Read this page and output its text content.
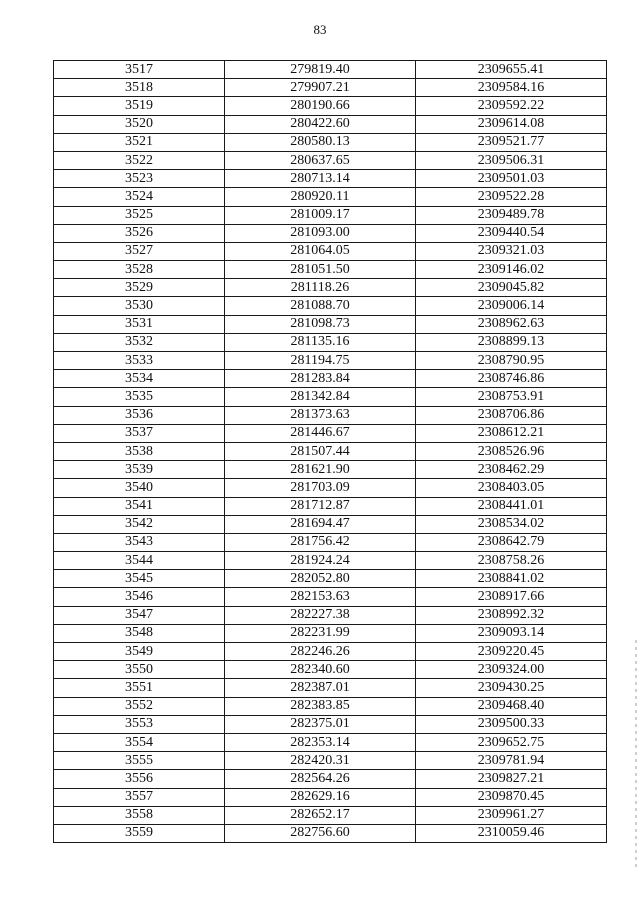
83
3517	279819.40	2309655.41
3518	279907.21	2309584.16
3519	280190.66	2309592.22
3520	280422.60	2309614.08
3521	280580.13	2309521.77
3522	280637.65	2309506.31
3523	280713.14	2309501.03
3524	280920.11	2309522.28
3525	281009.17	2309489.78
3526	281093.00	2309440.54
3527	281064.05	2309321.03
3528	281051.50	2309146.02
3529	281118.26	2309045.82
3530	281088.70	2309006.14
3531	281098.73	2308962.63
3532	281135.16	2308899.13
3533	281194.75	2308790.95
3534	281283.84	2308746.86
3535	281342.84	2308753.91
3536	281373.63	2308706.86
3537	281446.67	2308612.21
3538	281507.44	2308526.96
3539	281621.90	2308462.29
3540	281703.09	2308403.05
3541	281712.87	2308441.01
3542	281694.47	2308534.02
3543	281756.42	2308642.79
3544	281924.24	2308758.26
3545	282052.80	2308841.02
3546	282153.63	2308917.66
3547	282227.38	2308992.32
3548	282231.99	2309093.14
3549	282246.26	2309220.45
3550	282340.60	2309324.00
3551	282387.01	2309430.25
3552	282383.85	2309468.40
3553	282375.01	2309500.33
3554	282353.14	2309652.75
3555	282420.31	2309781.94
3556	282564.26	2309827.21
3557	282629.16	2309870.45
3558	282652.17	2309961.27
3559	282756.60	2310059.46
